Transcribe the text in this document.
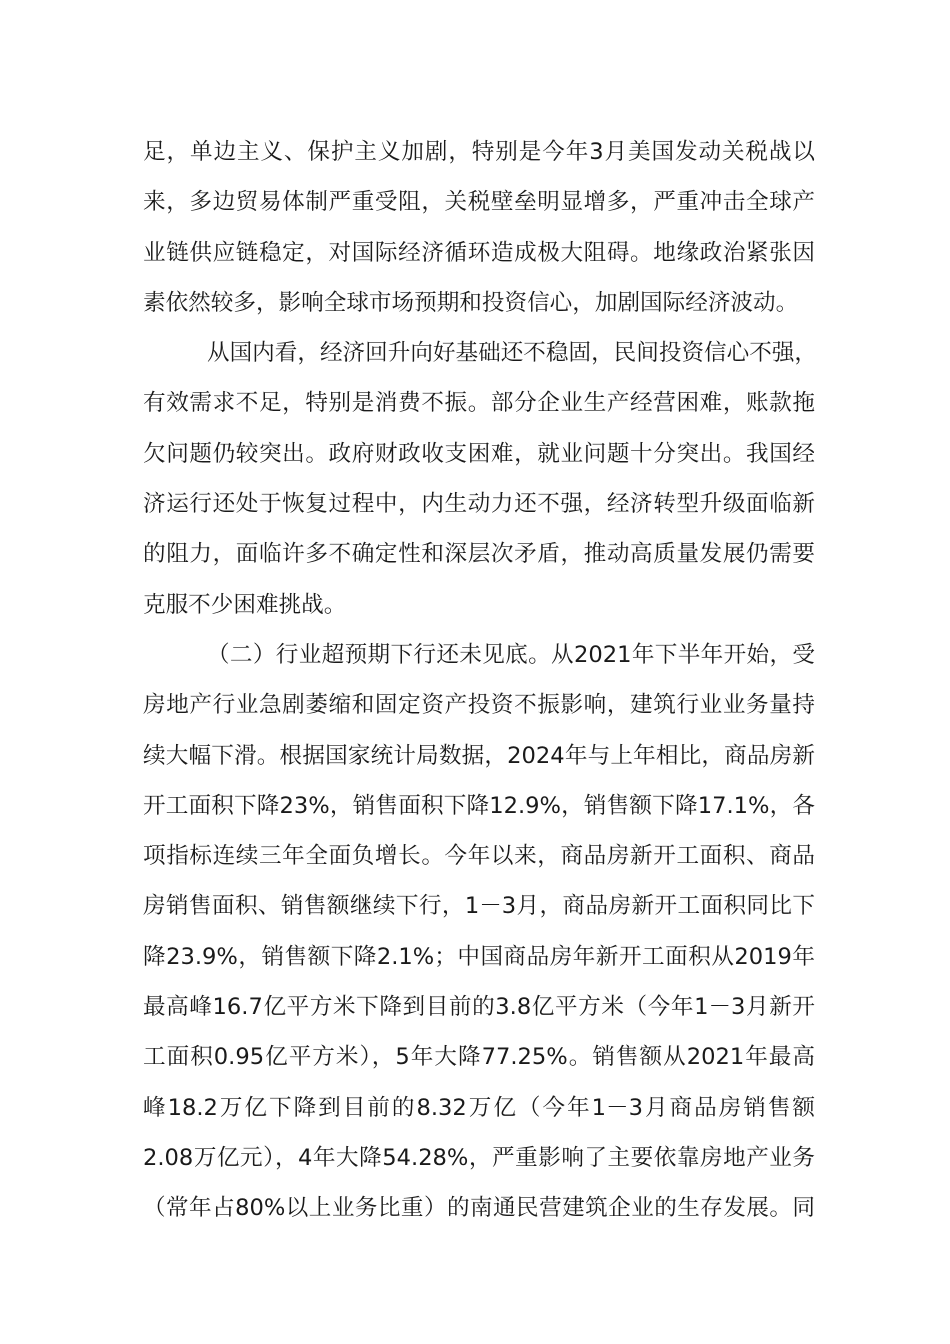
足，单边主义、保护主义加剧，特别是今年3月美国发动关税战以
来，多边贸易体制严重受阻，关税壁垒明显增多，严重冲击全球产
业链供应链稳定，对国际经济循环造成极大阻碍。地缘政治紧张因
素依然较多，影响全球市场预期和投资信心，加剧国际经济波动。
从国内看，经济回升向好基础还不稳固，民间投资信心不强，
有效需求不足，特别是消费不振。部分企业生产经营困难，账款拖
欠问题仍较突出。政府财政收支困难，就业问题十分突出。我国经
济运行还处于恢复过程中，内生动力还不强，经济转型升级面临新
的阻力，面临许多不确定性和深层次矛盾，推动高质量发展仍需要
克服不少困难挑战。
（二）行业超预期下行还未见底。从2021年下半年开始，受
房地产行业急剧萎缩和固定资产投资不振影响，建筑行业业务量持
续大幅下滑。根据国家统计局数据，2024年与上年相比，商品房新
开工面积下降23%，销售面积下降12.9%，销售额下降17.1%，各
项指标连续三年全面负增长。今年以来，商品房新开工面积、商品
房销售面积、销售额继续下行，1－3月，商品房新开工面积同比下
降23.9%，销售额下降2.1%；中国商品房年新开工面积从2019年
最高峰16.7亿平方米下降到目前的3.8亿平方米（今年1－3月新开
工面积0.95亿平方米），5年大降77.25%。销售额从2021年最高
峰18.2万亿下降到目前的8.32万亿（今年1－3月商品房销售额
2.08万亿元），4年大降54.28%，严重影响了主要依靠房地产业务
（常年占80%以上业务比重）的南通民营建筑企业的生存发展。同
